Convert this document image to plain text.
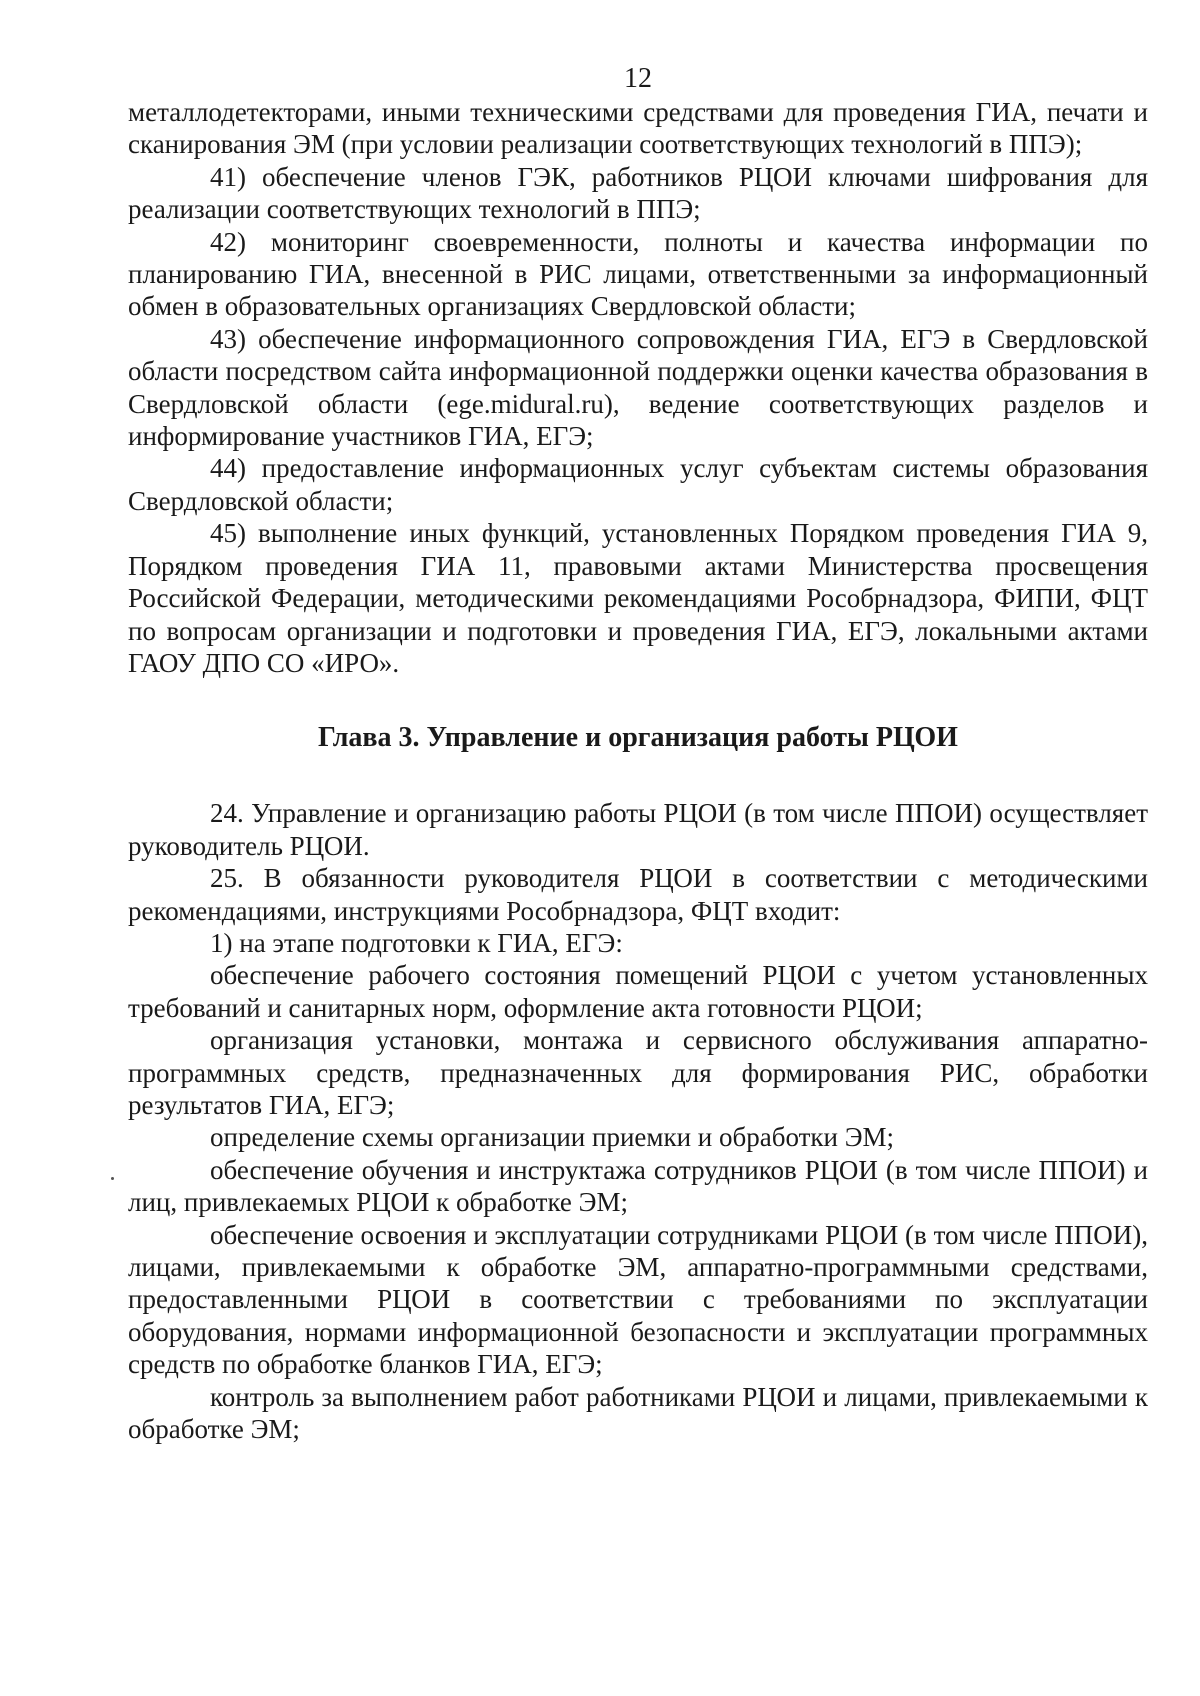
12

металлодетекторами, иными техническими средствами для проведения ГИА, печати и сканирования ЭМ (при условии реализации соответствующих технологий в ППЭ);

41) обеспечение членов ГЭК, работников РЦОИ ключами шифрования для реализации соответствующих технологий в ППЭ;

42) мониторинг своевременности, полноты и качества информации по планированию ГИА, внесенной в РИС лицами, ответственными за информационный обмен в образовательных организациях Свердловской области;

43) обеспечение информационного сопровождения ГИА, ЕГЭ в Свердловской области посредством сайта информационной поддержки оценки качества образования в Свердловской области (ege.midural.ru), ведение соответствующих разделов и информирование участников ГИА, ЕГЭ;

44) предоставление информационных услуг субъектам системы образования Свердловской области;

45) выполнение иных функций, установленных Порядком проведения ГИА 9, Порядком проведения ГИА 11, правовыми актами Министерства просвещения Российской Федерации, методическими рекомендациями Рособрнадзора, ФИПИ, ФЦТ по вопросам организации и подготовки и проведения ГИА, ЕГЭ, локальными актами ГАОУ ДПО СО «ИРО».

Глава 3. Управление и организация работы РЦОИ

24. Управление и организацию работы РЦОИ (в том числе ППОИ) осуществляет руководитель РЦОИ.

25. В обязанности руководителя РЦОИ в соответствии с методическими рекомендациями, инструкциями Рособрнадзора, ФЦТ входит:

1) на этапе подготовки к ГИА, ЕГЭ:

обеспечение рабочего состояния помещений РЦОИ с учетом установленных требований и санитарных норм, оформление акта готовности РЦОИ;

организация установки, монтажа и сервисного обслуживания аппаратно-программных средств, предназначенных для формирования РИС, обработки результатов ГИА, ЕГЭ;

определение схемы организации приемки и обработки ЭМ;

обеспечение обучения и инструктажа сотрудников РЦОИ (в том числе ППОИ) и лиц, привлекаемых РЦОИ к обработке ЭМ;

обеспечение освоения и эксплуатации сотрудниками РЦОИ (в том числе ППОИ), лицами, привлекаемыми к обработке ЭМ, аппаратно-программными средствами, предоставленными РЦОИ в соответствии с требованиями по эксплуатации оборудования, нормами информационной безопасности и эксплуатации программных средств по обработке бланков ГИА, ЕГЭ;

контроль за выполнением работ работниками РЦОИ и лицами, привлекаемыми к обработке ЭМ;
